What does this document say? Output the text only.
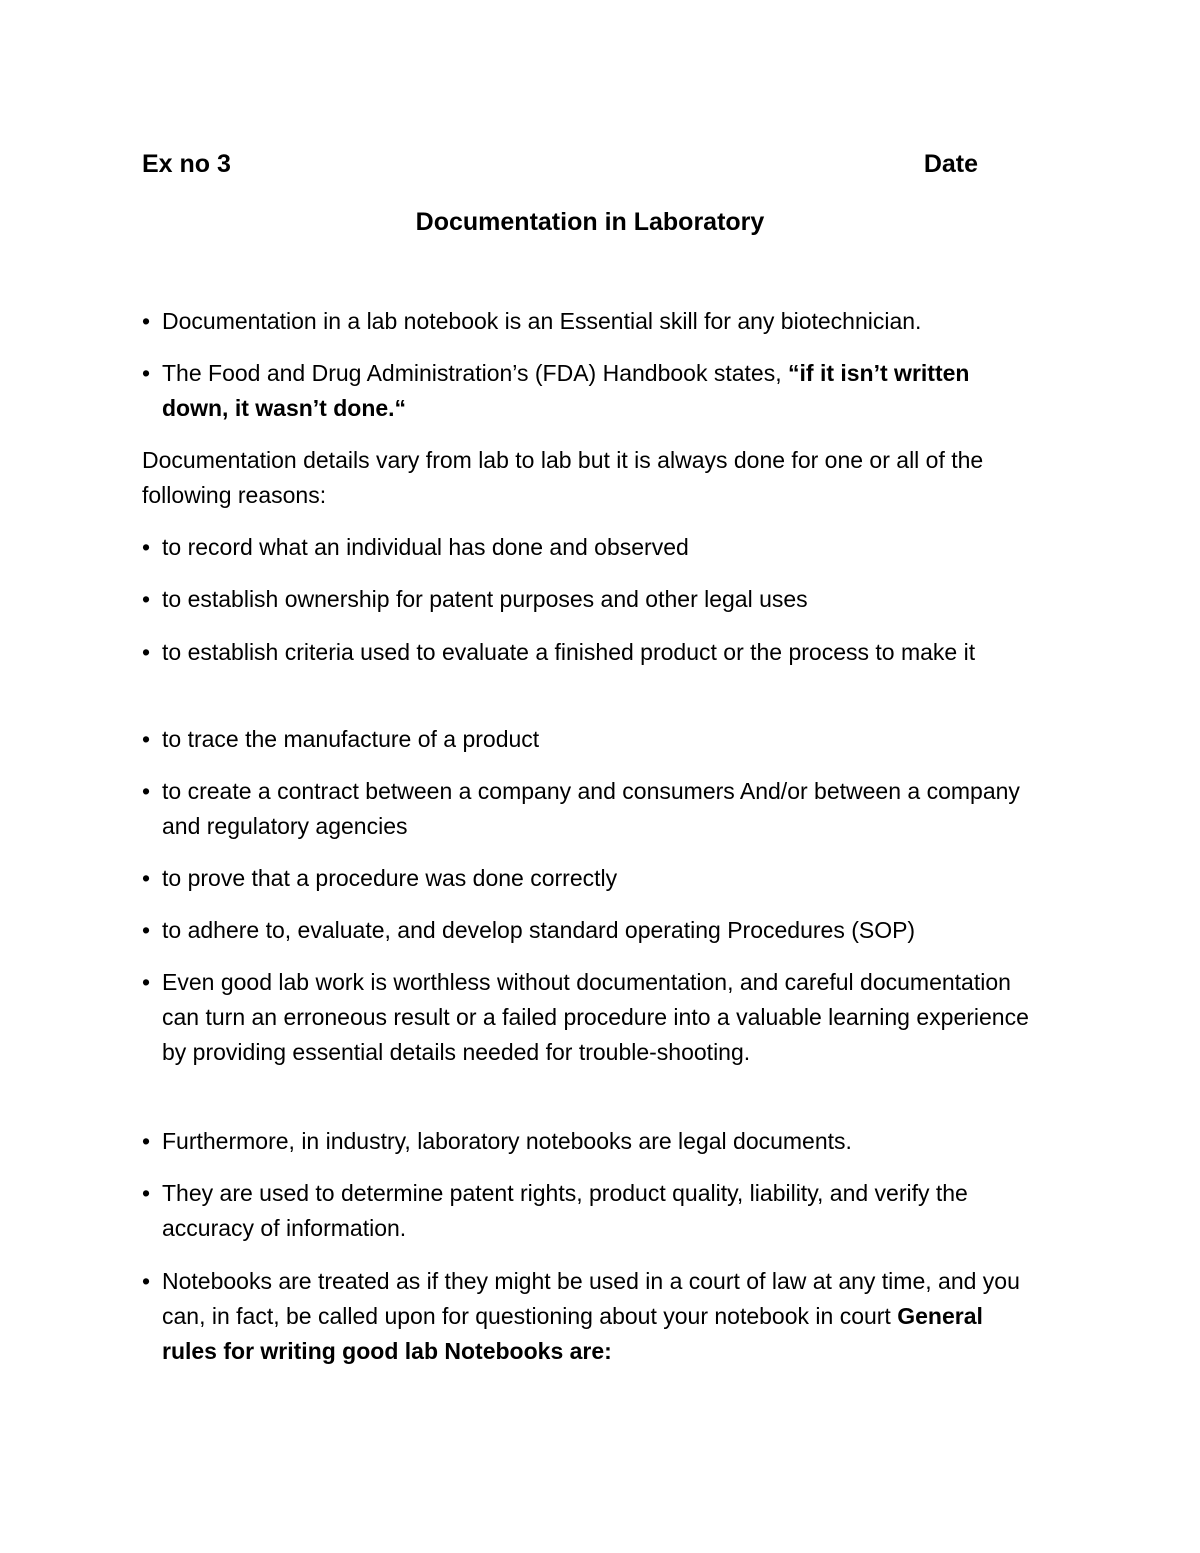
Ex no 3	Date
Documentation in Laboratory
• Documentation in a lab notebook is an Essential skill for any biotechnician.
• The Food and Drug Administration’s (FDA) Handbook states, “if it isn’t written down, it wasn’t done.“
Documentation details vary from lab to lab but it is always done for one or all of the following reasons:
• to record what an individual has done and observed
• to establish ownership for patent purposes and other legal uses
• to establish criteria used to evaluate a finished product or the process to make it
• to trace the manufacture of a product
• to create a contract between a company and consumers And/or between a company and regulatory agencies
• to prove that a procedure was done correctly
• to adhere to, evaluate, and develop standard operating Procedures (SOP)
• Even good lab work is worthless without documentation, and careful documentation can turn an erroneous result or a failed procedure into a valuable learning experience by providing essential details needed for trouble-shooting.
• Furthermore, in industry, laboratory notebooks are legal documents.
• They are used to determine patent rights, product quality, liability, and verify the accuracy of information.
• Notebooks are treated as if they might be used in a court of law at any time, and you can, in fact, be called upon for questioning about your notebook in court General rules for writing good lab Notebooks are:
